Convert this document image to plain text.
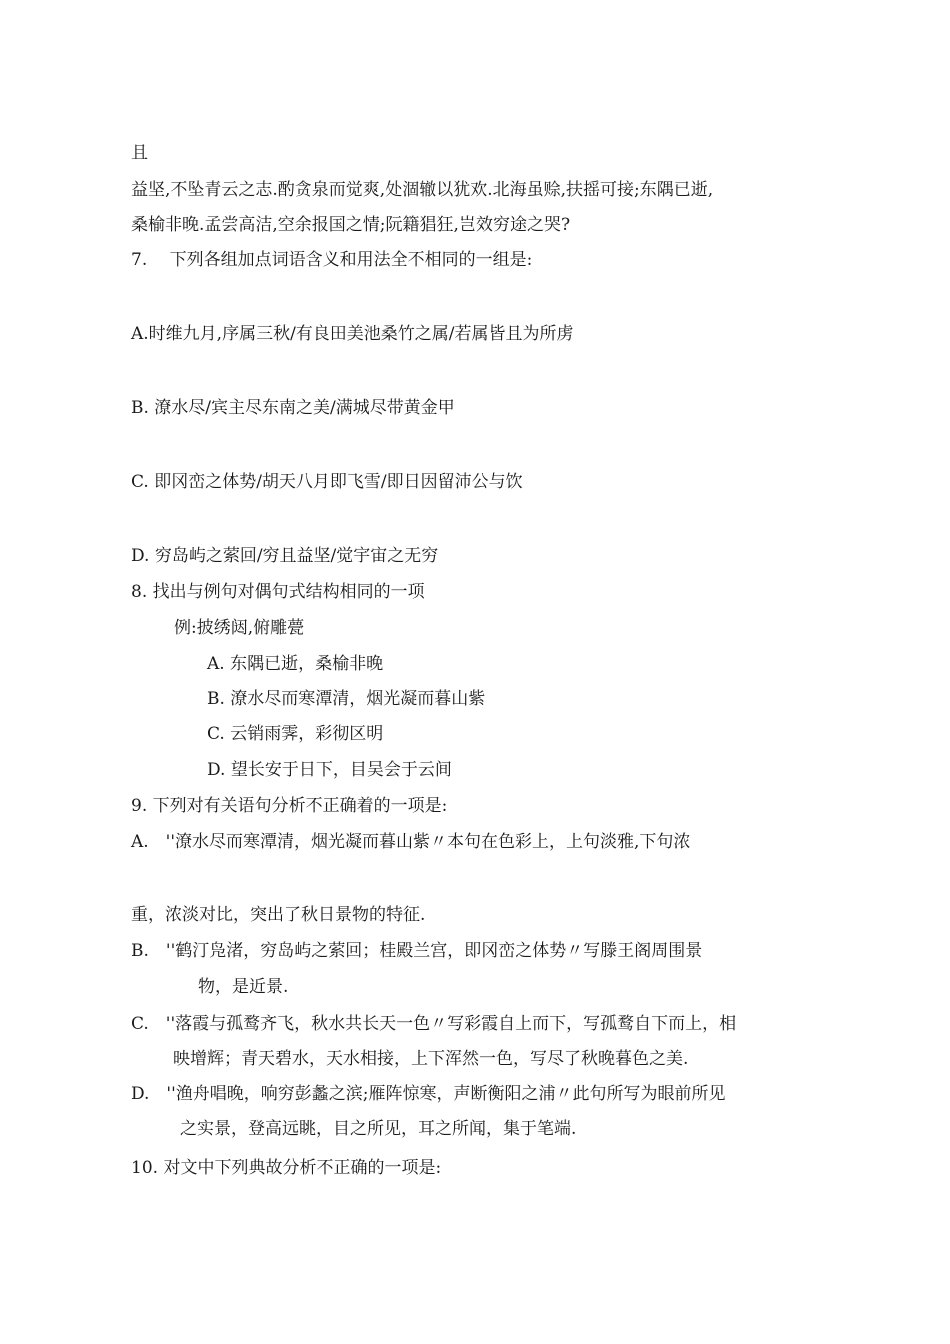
且
益坚,不坠青云之志.酌贪泉而觉爽,处涸辙以犹欢.北海虽赊,扶摇可接;东隅已逝,
桑榆非晚.孟尝高洁,空余报国之情;阮籍猖狂,岂效穷途之哭?
7.　 下列各组加点词语含义和用法全不相同的一组是:
A.时维九月,序属三秋/有良田美池桑竹之属/若属皆且为所虏
B. 潦水尽/宾主尽东南之美/满城尽带黄金甲
C. 即冈峦之体势/胡天八月即飞雪/即日因留沛公与饮
D. 穷岛屿之萦回/穷且益坚/觉宇宙之无穷
8. 找出与例句对偶句式结构相同的一项
例:披绣闼,俯雕甍
A. 东隅已逝，桑榆非晚
B. 潦水尽而寒潭清，烟光凝而暮山紫
C. 云销雨霁，彩彻区明
D. 望长安于日下，目吴会于云间
9. 下列对有关语句分析不正确着的一项是:
A.　''潦水尽而寒潭清，烟光凝而暮山紫〃本句在色彩上，上句淡雅,下句浓
重，浓淡对比，突出了秋日景物的特征.
B.　''鹤汀凫渚，穷岛屿之萦回；桂殿兰宫，即冈峦之体势〃写滕王阁周围景
物，是近景.
C.　''落霞与孤鹜齐飞，秋水共长天一色〃写彩霞自上而下，写孤鹜自下而上，相
映增辉；青天碧水，天水相接，上下浑然一色，写尽了秋晚暮色之美.
D.　''渔舟唱晚，响穷彭蠡之滨;雁阵惊寒，声断衡阳之浦〃此句所写为眼前所见
之实景，登高远眺，目之所见，耳之所闻，集于笔端.
10. 对文中下列典故分析不正确的一项是:
